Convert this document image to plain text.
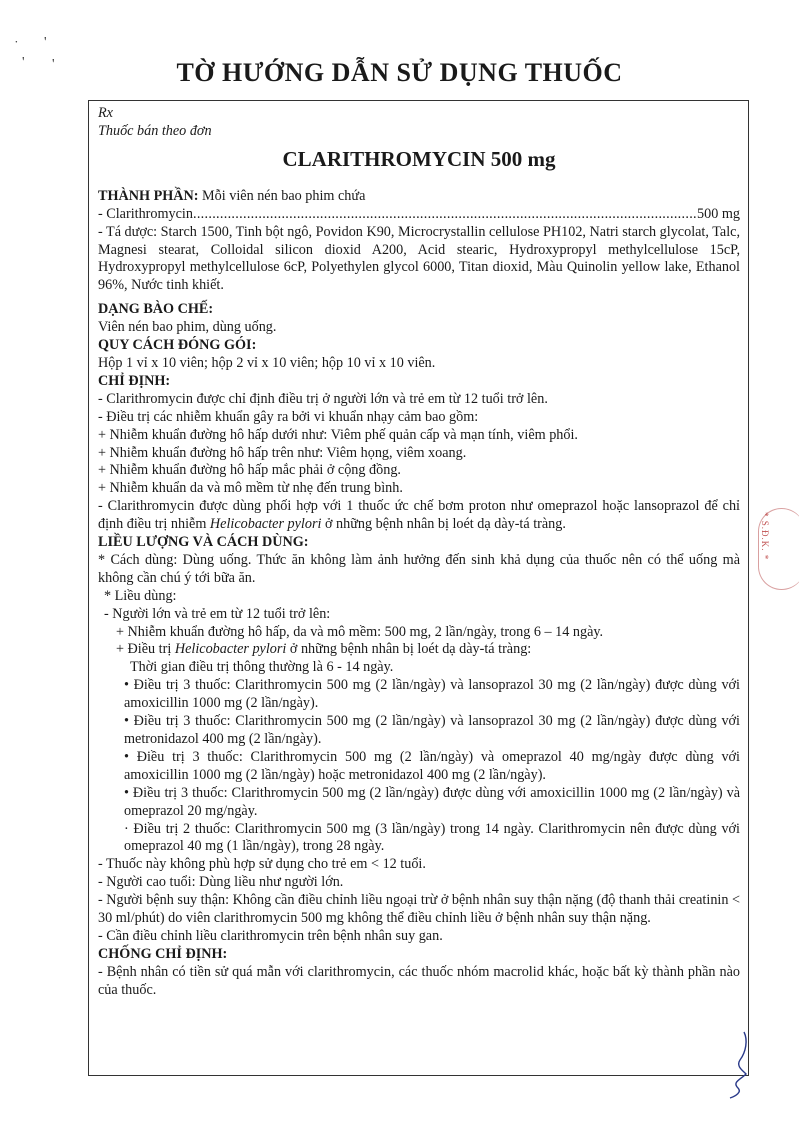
˙ '
' '	TỜ HƯỚNG DẪN SỬ DỤNG THUỐC
Rx
Thuốc bán theo đơn
CLARITHROMYCIN 500 mg
THÀNH PHẦN: Mỗi viên nén bao phim chứa
- Clarithromycin ................................................................................................................................... 500 mg
- Tá dược: Starch 1500, Tinh bột ngô, Povidon K90, Microcrystallin cellulose PH102, Natri starch glycolat, Talc, Magnesi stearat, Colloidal silicon dioxid A200, Acid stearic, Hydroxypropyl methylcellulose 15cP, Hydroxypropyl methylcellulose 6cP, Polyethylen glycol 6000, Titan dioxid, Màu Quinolin yellow lake, Ethanol 96%, Nước tinh khiết.
DẠNG BÀO CHẾ:
Viên nén bao phim, dùng uống.
QUY CÁCH ĐÓNG GÓI:
Hộp 1 vỉ x 10 viên; hộp 2 vỉ x 10 viên; hộp 10 vỉ x 10 viên.
CHỈ ĐỊNH:
- Clarithromycin được chỉ định điều trị ở người lớn và trẻ em từ 12 tuổi trở lên.
- Điều trị các nhiễm khuẩn gây ra bởi vi khuẩn nhạy cảm bao gồm:
+ Nhiễm khuẩn đường hô hấp dưới như: Viêm phế quản cấp và mạn tính, viêm phổi.
+ Nhiễm khuẩn đường hô hấp trên như: Viêm họng, viêm xoang.
+ Nhiễm khuẩn đường hô hấp mắc phải ở cộng đồng.
+ Nhiễm khuẩn da và mô mềm từ nhẹ đến trung bình.
- Clarithromycin được dùng phối hợp với 1 thuốc ức chế bơm proton như omeprazol hoặc lansoprazol để chỉ định điều trị nhiễm Helicobacter pylori ở những bệnh nhân bị loét dạ dày-tá tràng.
LIỀU LƯỢNG VÀ CÁCH DÙNG:
* Cách dùng: Dùng uống. Thức ăn không làm ảnh hưởng đến sinh khả dụng của thuốc nên có thể uống mà không cần chú ý tới bữa ăn.
* Liều dùng:
- Người lớn và trẻ em từ 12 tuổi trở lên:
+ Nhiễm khuẩn đường hô hấp, da và mô mềm: 500 mg, 2 lần/ngày, trong 6 – 14 ngày.
+ Điều trị Helicobacter pylori ở những bệnh nhân bị loét dạ dày-tá tràng:
Thời gian điều trị thông thường là 6 - 14 ngày.
• Điều trị 3 thuốc: Clarithromycin 500 mg (2 lần/ngày) và lansoprazol 30 mg (2 lần/ngày) được dùng với amoxicillin 1000 mg (2 lần/ngày).
• Điều trị 3 thuốc: Clarithromycin 500 mg (2 lần/ngày) và lansoprazol 30 mg (2 lần/ngày) được dùng với metronidazol 400 mg (2 lần/ngày).
• Điều trị 3 thuốc: Clarithromycin 500 mg (2 lần/ngày) và omeprazol 40 mg/ngày được dùng với amoxicillin 1000 mg (2 lần/ngày) hoặc metronidazol 400 mg (2 lần/ngày).
• Điều trị 3 thuốc: Clarithromycin 500 mg (2 lần/ngày) được dùng với amoxicillin 1000 mg (2 lần/ngày) và omeprazol 20 mg/ngày.
· Điều trị 2 thuốc: Clarithromycin 500 mg (3 lần/ngày) trong 14 ngày. Clarithromycin nên được dùng với omeprazol 40 mg (1 lần/ngày), trong 28 ngày.
- Thuốc này không phù hợp sử dụng cho trẻ em < 12 tuổi.
- Người cao tuổi: Dùng liều như người lớn.
- Người bệnh suy thận: Không cần điều chỉnh liều ngoại trừ ở bệnh nhân suy thận nặng (độ thanh thải creatinin < 30 ml/phút) do viên clarithromycin 500 mg không thể điều chỉnh liều ở bệnh nhân suy thận nặng.
- Cần điều chỉnh liều clarithromycin trên bệnh nhân suy gan.
CHỐNG CHỈ ĐỊNH:
- Bệnh nhân có tiền sử quá mẫn với clarithromycin, các thuốc nhóm macrolid khác, hoặc bất kỳ thành phần nào của thuốc.
* S.Đ.K. *
